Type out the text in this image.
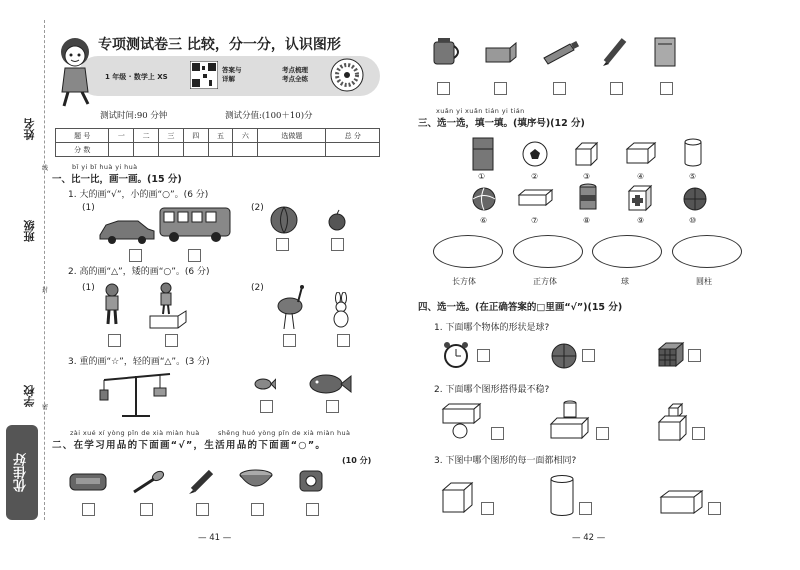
姓名
班级
学校
线
封
密
优佳好
专项测试卷三 比较，分一分，认识图形
1 年级 · 数学上 XS
答案与
详解
考点梳理
考点全练
测试时间:90 分钟	测试分值:(100＋10)分
题 号	一	二	三	四	五	六	选做题	总 分
分 数								
bǐ yi bǐ huà yi huà
一、比一比，画一画。(15 分)
1. 大的画“√”，小的画“○”。(6 分)
(1)	(2)
2. 高的画“△”，矮的画“○”。(6 分)
(1)	(2)
3. 重的画“☆”，轻的画“△”。(3 分)
zài xué xí yòng pǐn de xià miàn huà	shēng huó yòng pǐn de xià miàn huà
二、在学习用品的下面画“√”，生活用品的下面画“○”。
(10 分)
— 41 —
xuǎn yi xuǎn tián yi tián
三、选一选，填一填。(填序号)(12 分)
①	②	③	④	⑤
⑥	⑦	⑧	⑨	⑩
长方体	正方体	球	圆柱
四、选一选。(在正确答案的□里画“√”)(15 分)
1. 下面哪个物体的形状是球?
2. 下面哪个图形搭得最不稳?
3. 下图中哪个图形的每一面都相同?
— 42 —
